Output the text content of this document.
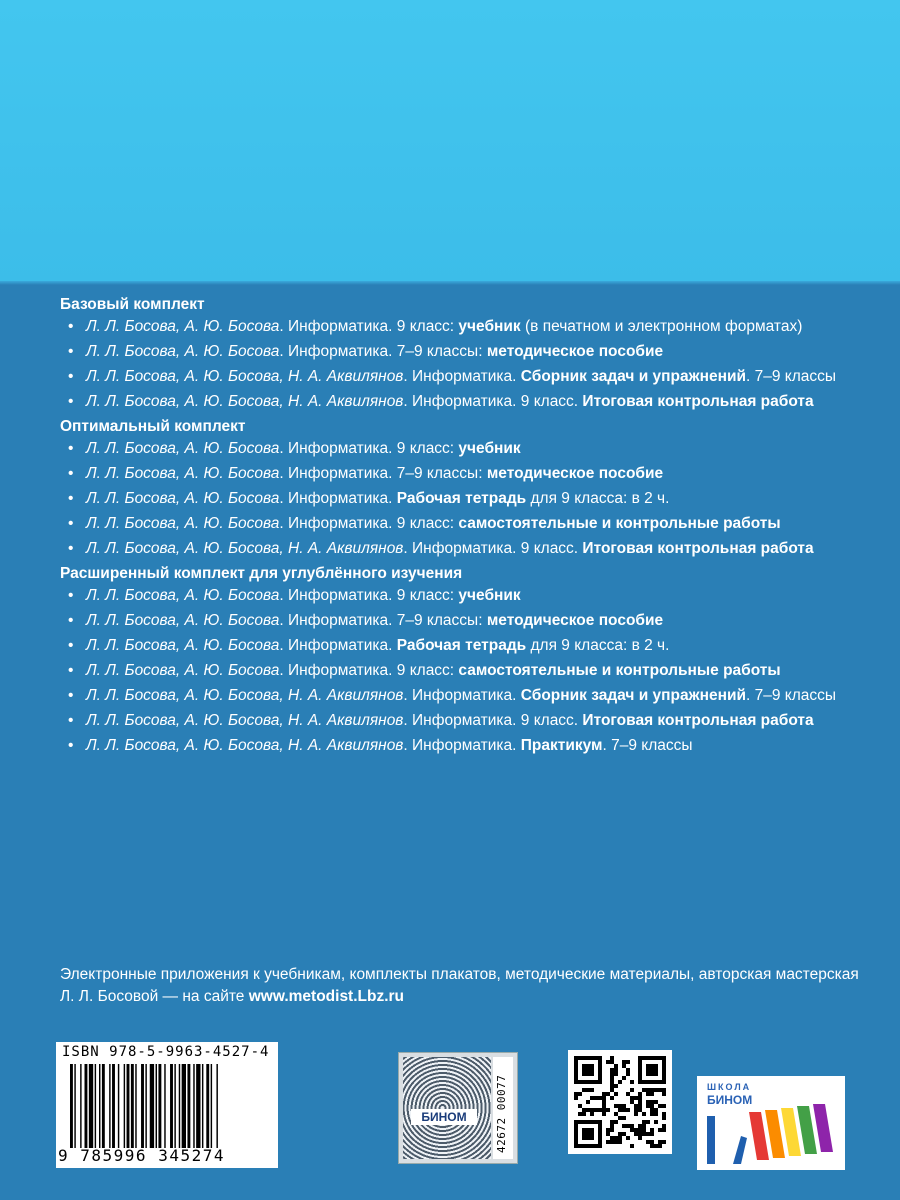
Базовый комплект
• Л. Л. Босова, А. Ю. Босова. Информатика. 9 класс: учебник (в печатном и электронном форматах)
• Л. Л. Босова, А. Ю. Босова. Информатика. 7–9 классы: методическое пособие
• Л. Л. Босова, А. Ю. Босова, Н. А. Аквилянов. Информатика. Сборник задач и упражнений. 7–9 классы
• Л. Л. Босова, А. Ю. Босова, Н. А. Аквилянов. Информатика. 9 класс. Итоговая контрольная работа
Оптимальный комплект
• Л. Л. Босова, А. Ю. Босова. Информатика. 9 класс: учебник
• Л. Л. Босова, А. Ю. Босова. Информатика. 7–9 классы: методическое пособие
• Л. Л. Босова, А. Ю. Босова. Информатика. Рабочая тетрадь для 9 класса: в 2 ч.
• Л. Л. Босова, А. Ю. Босова. Информатика. 9 класс: самостоятельные и контрольные работы
• Л. Л. Босова, А. Ю. Босова, Н. А. Аквилянов. Информатика. 9 класс. Итоговая контрольная работа
Расширенный комплект для углублённого изучения
• Л. Л. Босова, А. Ю. Босова. Информатика. 9 класс: учебник
• Л. Л. Босова, А. Ю. Босова. Информатика. 7–9 классы: методическое пособие
• Л. Л. Босова, А. Ю. Босова. Информатика. Рабочая тетрадь для 9 класса: в 2 ч.
• Л. Л. Босова, А. Ю. Босова. Информатика. 9 класс: самостоятельные и контрольные работы
• Л. Л. Босова, А. Ю. Босова, Н. А. Аквилянов. Информатика. Сборник задач и упражнений. 7–9 классы
• Л. Л. Босова, А. Ю. Босова, Н. А. Аквилянов. Информатика. 9 класс. Итоговая контрольная работа
• Л. Л. Босова, А. Ю. Босова, Н. А. Аквилянов. Информатика. Практикум. 7–9 классы
Электронные приложения к учебникам, комплекты плакатов, методические материалы, авторская мастерская Л. Л. Босовой — на сайте www.metodist.Lbz.ru
ISBN 978-5-9963-4527-4
9 785996 345274
БИНОМ	42672 00077	ШКОЛА
БИНОМ
